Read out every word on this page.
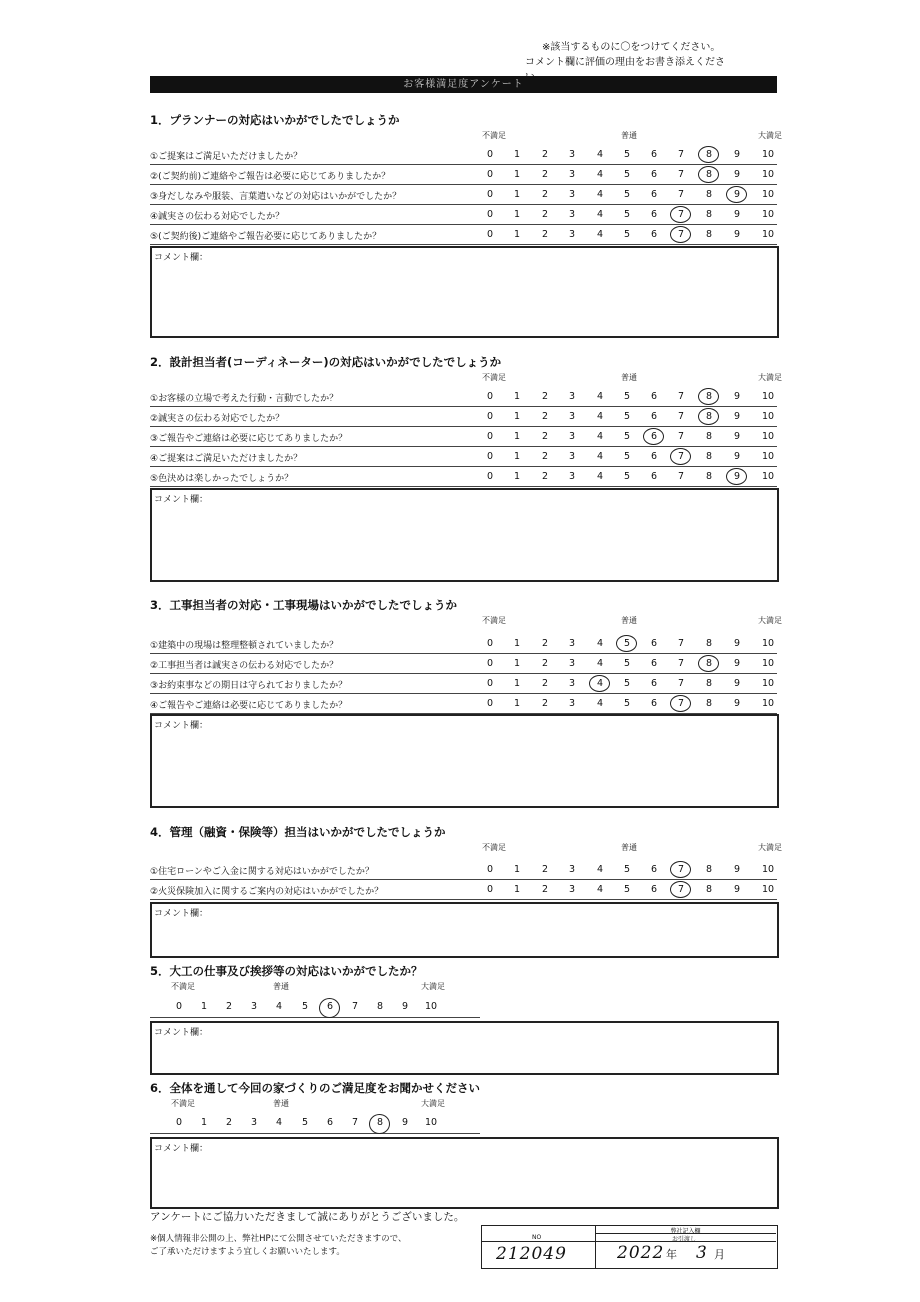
※該当するものに〇をつけてください。
コメント欄に評価の理由をお書き添えくださ
お客様満足度アンケート
1．プランナーの対応はいかがでしたでしょうか
不満足	普通	大満足
①ご提案はご満足いただけましたか？	0	1	2	3	4	5	6	7	8	9	10
②(ご契約前)ご連絡やご報告は必要に応じてありましたか？	0	1	2	3	4	5	6	7	8	9	10
③身だしなみや服装、言葉遣いなどの対応はいかがでしたか？	0	1	2	3	4	5	6	7	8	9	10
④誠実さの伝わる対応でしたか？	0	1	2	3	4	5	6	7	8	9	10
⑤(ご契約後)ご連絡やご報告必要に応じてありましたか？	0	1	2	3	4	5	6	7	8	9	10
コメント欄：
2．設計担当者(コーディネーター)の対応はいかがでしたでしょうか
不満足	普通	大満足
①お客様の立場で考えた行動・言動でしたか？	0	1	2	3	4	5	6	7	8	9	10
②誠実さの伝わる対応でしたか？	0	1	2	3	4	5	6	7	8	9	10
③ご報告やご連絡は必要に応じてありましたか？	0	1	2	3	4	5	6	7	8	9	10
④ご提案はご満足いただけましたか？	0	1	2	3	4	5	6	7	8	9	10
⑤色決めは楽しかったでしょうか？	0	1	2	3	4	5	6	7	8	9	10
コメント欄：
3．工事担当者の対応・工事現場はいかがでしたでしょうか
不満足	普通	大満足
①建築中の現場は整理整頓されていましたか？	0	1	2	3	4	5	6	7	8	9	10
②工事担当者は誠実さの伝わる対応でしたか？	0	1	2	3	4	5	6	7	8	9	10
③お約束事などの期日は守られておりましたか？	0	1	2	3	4	5	6	7	8	9	10
④ご報告やご連絡は必要に応じてありましたか？	0	1	2	3	4	5	6	7	8	9	10
コメント欄：
4．管理（融資・保険等）担当はいかがでしたでしょうか
不満足	普通	大満足
①住宅ローンやご入金に関する対応はいかがでしたか？	0	1	2	3	4	5	6	7	8	9	10
②火災保険加入に関するご案内の対応はいかがでしたか？	0	1	2	3	4	5	6	7	8	9	10
コメント欄：
5．大工の仕事及び挨拶等の対応はいかがでしたか？
不満足	普通	大満足
0	1	2	3	4	5	6	7	8	9	10
コメント欄：
6．全体を通して今回の家づくりのご満足度をお聞かせください
不満足	普通	大満足
0	1	2	3	4	5	6	7	8	9	10
コメント欄：
アンケートにご協力いただきまして誠にありがとうございました。
※個人情報非公開の上、弊社HPにて公開させていただきますので、
ご了承いただけますよう宜しくお願いいたします。
弊社記入欄
NO	お引渡し
212049	2022 年 3 月
